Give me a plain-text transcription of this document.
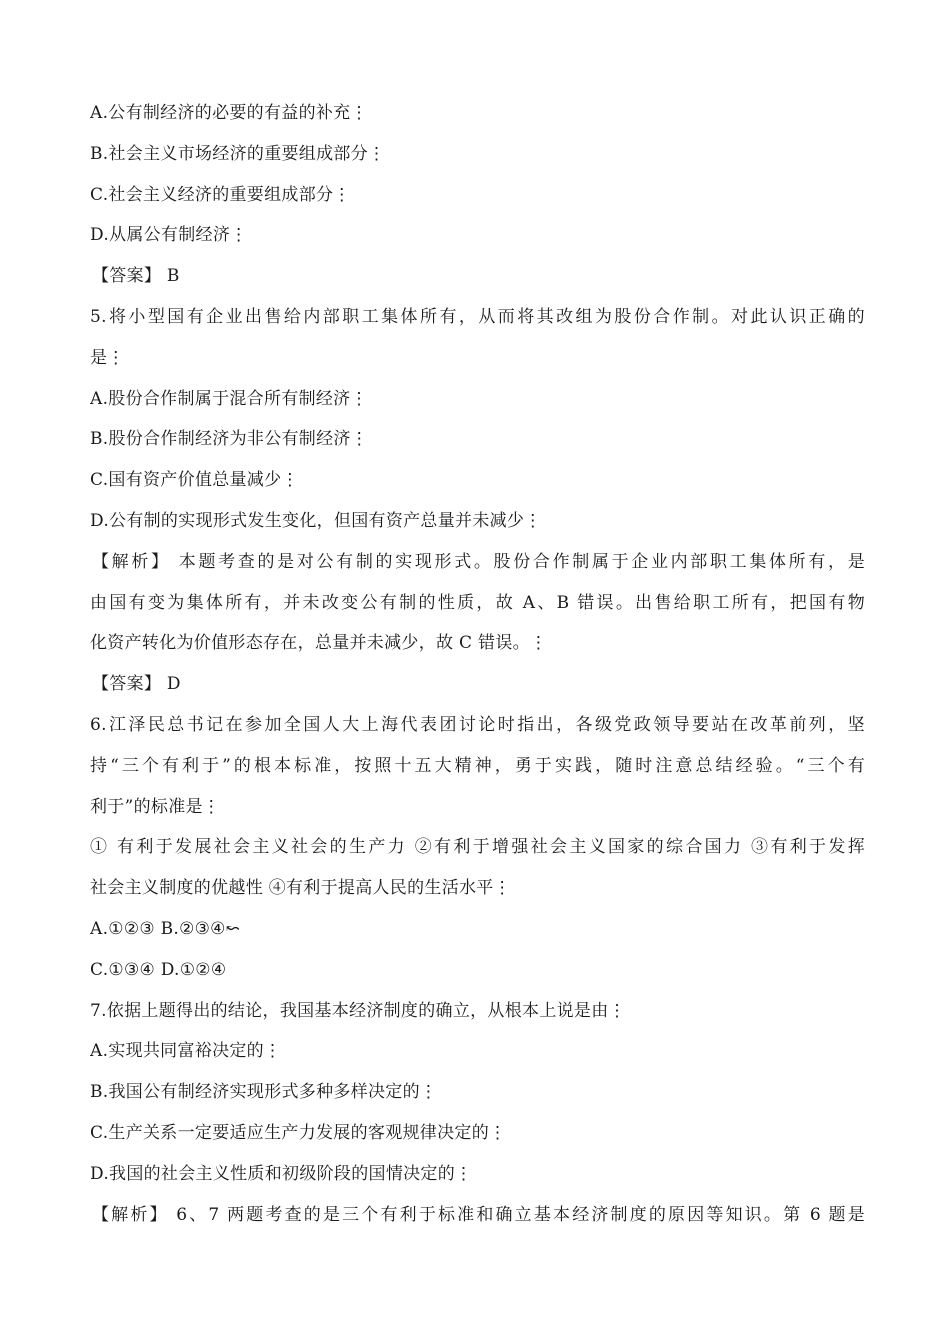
A.公有制经济的必要的有益的补充⋮
B.社会主义市场经济的重要组成部分⋮
C.社会主义经济的重要组成部分⋮
D.从属公有制经济⋮
【答案】 B
5.将小型国有企业出售给内部职工集体所有，从而将其改组为股份合作制。对此认识正确的
是⋮
A.股份合作制属于混合所有制经济⋮
B.股份合作制经济为非公有制经济⋮
C.国有资产价值总量减少⋮
D.公有制的实现形式发生变化，但国有资产总量并未减少⋮
【解析】 本题考查的是对公有制的实现形式。股份合作制属于企业内部职工集体所有，是
由国有变为集体所有，并未改变公有制的性质，故 A、B 错误。出售给职工所有，把国有物
化资产转化为价值形态存在，总量并未减少，故 C 错误。⋮
【答案】 D
6.江泽民总书记在参加全国人大上海代表团讨论时指出，各级党政领导要站在改革前列，坚
持“三个有利于”的根本标准，按照十五大精神，勇于实践，随时注意总结经验。“三个有
利于”的标准是⋮
① 有利于发展社会主义社会的生产力 ②有利于增强社会主义国家的综合国力 ③有利于发挥
社会主义制度的优越性 ④有利于提高人民的生活水平⋮
A.①②③ B.②③④↜
C.①③④ D.①②④
7.依据上题得出的结论，我国基本经济制度的确立，从根本上说是由⋮
A.实现共同富裕决定的⋮
B.我国公有制经济实现形式多种多样决定的⋮
C.生产关系一定要适应生产力发展的客观规律决定的⋮
D.我国的社会主义性质和初级阶段的国情决定的⋮
【解析】 6、7 两题考查的是三个有利于标准和确立基本经济制度的原因等知识。第 6 题是
